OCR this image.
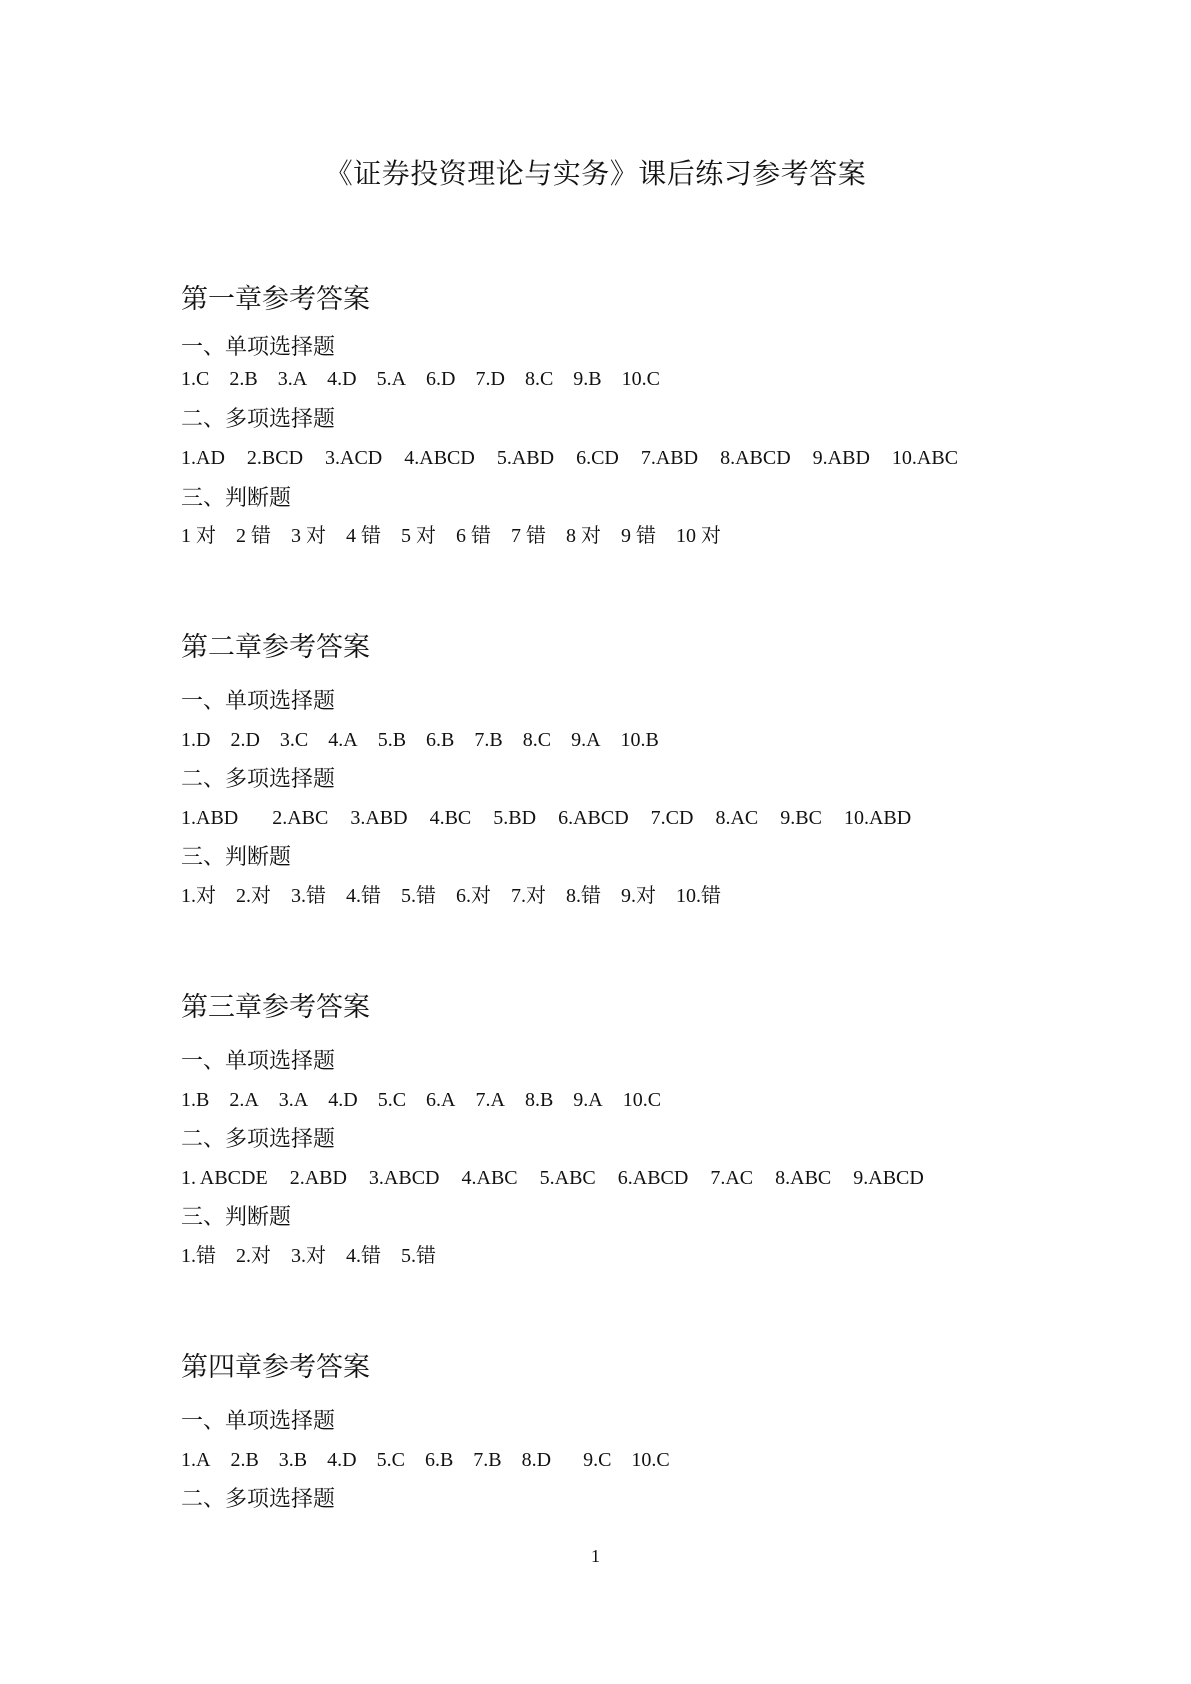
《证券投资理论与实务》课后练习参考答案
第一章参考答案
一、单项选择题
1.C 2.B 3.A 4.D 5.A 6.D 7.D 8.C 9.B 10.C
二、多项选择题
1.AD 2.BCD 3.ACD 4.ABCD 5.ABD 6.CD 7.ABD 8.ABCD 9.ABD 10.ABC
三、判断题
1 对 2 错 3 对 4 错 5 对 6 错 7 错 8 对 9 错 10 对
第二章参考答案
一、单项选择题
1.D 2.D 3.C 4.A 5.B 6.B 7.B 8.C 9.A 10.B
二、多项选择题
1.ABD 2.ABC 3.ABD 4.BC 5.BD 6.ABCD 7.CD 8.AC 9.BC 10.ABD
三、判断题
1.对 2.对 3.错 4.错 5.错 6.对 7.对 8.错 9.对 10.错
第三章参考答案
一、单项选择题
1.B 2.A 3.A 4.D 5.C 6.A 7.A 8.B 9.A 10.C
二、多项选择题
1. ABCDE 2.ABD 3.ABCD 4.ABC 5.ABC 6.ABCD 7.AC 8.ABC 9.ABCD
三、判断题
1.错 2.对 3.对 4.错 5.错
第四章参考答案
一、单项选择题
1.A 2.B 3.B 4.D 5.C 6.B 7.B 8.D 9.C 10.C
二、多项选择题
1
